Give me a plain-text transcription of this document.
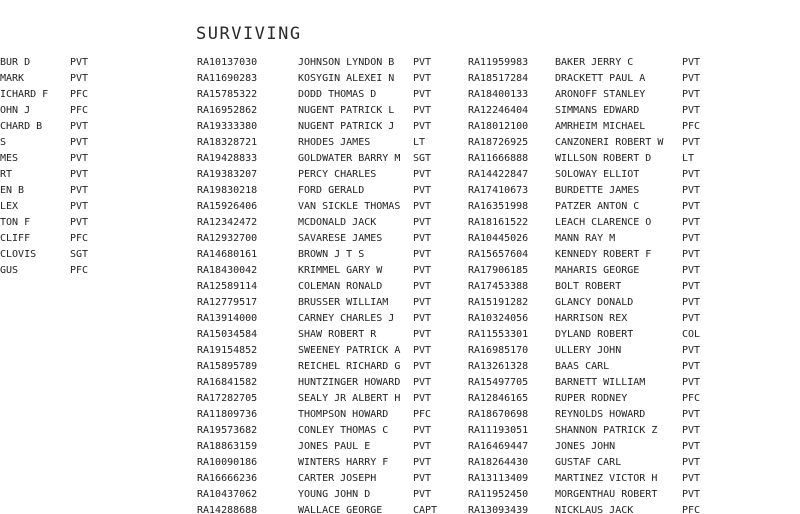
SURVIVING
BUR D	PVT
MARK	PVT
ICHARD F	PFC
OHN J	PFC
CHARD B	PVT
S	PVT
MES	PVT
RT	PVT
EN B	PVT
LEX	PVT
TON F	PVT
CLIFF	PFC
CLOVIS	SGT
GUS	PFC
RA10137030	JOHNSON LYNDON B	PVT
RA11690283	KOSYGIN ALEXEI N	PVT
RA15785322	DODD THOMAS D	PVT
RA16952862	NUGENT PATRICK L	PVT
RA19333380	NUGENT PATRICK J	PVT
RA18328721	RHODES JAMES	LT
RA19428833	GOLDWATER BARRY M	SGT
RA19383207	PERCY CHARLES	PVT
RA19830218	FORD GERALD	PVT
RA15926406	VAN SICKLE THOMAS	PVT
RA12342472	MCDONALD JACK	PVT
RA12932700	SAVARESE JAMES	PVT
RA14680161	BROWN J T S	PVT
RA18430042	KRIMMEL GARY W	PVT
RA12589114	COLEMAN RONALD	PVT
RA12779517	BRUSSER WILLIAM	PVT
RA13914000	CARNEY CHARLES J	PVT
RA15034584	SHAW ROBERT R	PVT
RA19154852	SWEENEY PATRICK A	PVT
RA15895789	REICHEL RICHARD G	PVT
RA16841582	HUNTZINGER HOWARD	PVT
RA17282705	SEALY JR ALBERT H	PVT
RA11809736	THOMPSON HOWARD	PFC
RA19573682	CONLEY THOMAS C	PVT
RA18863159	JONES PAUL E	PVT
RA10090186	WINTERS HARRY F	PVT
RA16666236	CARTER JOSEPH	PVT
RA10437062	YOUNG JOHN D	PVT
RA14288688	WALLACE GEORGE	CAPT
RA11959983	BAKER JERRY C	PVT
RA18517284	DRACKETT PAUL A	PVT
RA18400133	ARONOFF STANLEY	PVT
RA12246404	SIMMANS EDWARD	PVT
RA18012100	AMRHEIM MICHAEL	PFC
RA18726925	CANZONERI ROBERT W	PVT
RA11666888	WILLSON ROBERT D	LT
RA14422847	SOLOWAY ELLIOT	PVT
RA17410673	BURDETTE JAMES	PVT
RA16351998	PATZER ANTON C	PVT
RA18161522	LEACH CLARENCE O	PVT
RA10445026	MANN RAY M	PVT
RA15657604	KENNEDY ROBERT F	PVT
RA17906185	MAHARIS GEORGE	PVT
RA17453388	BOLT ROBERT	PVT
RA15191282	GLANCY DONALD	PVT
RA10324056	HARRISON REX	PVT
RA11553301	DYLAND ROBERT	COL
RA16985170	ULLERY JOHN	PVT
RA13261328	BAAS CARL	PVT
RA15497705	BARNETT WILLIAM	PVT
RA12846165	RUPER RODNEY	PFC
RA18670698	REYNOLDS HOWARD	PVT
RA11193051	SHANNON PATRICK Z	PVT
RA16469447	JONES JOHN	PVT
RA18264430	GUSTAF CARL	PVT
RA13113409	MARTINEZ VICTOR H	PVT
RA11952450	MORGENTHAU ROBERT	PVT
RA13093439	NICKLAUS JACK	PFC
